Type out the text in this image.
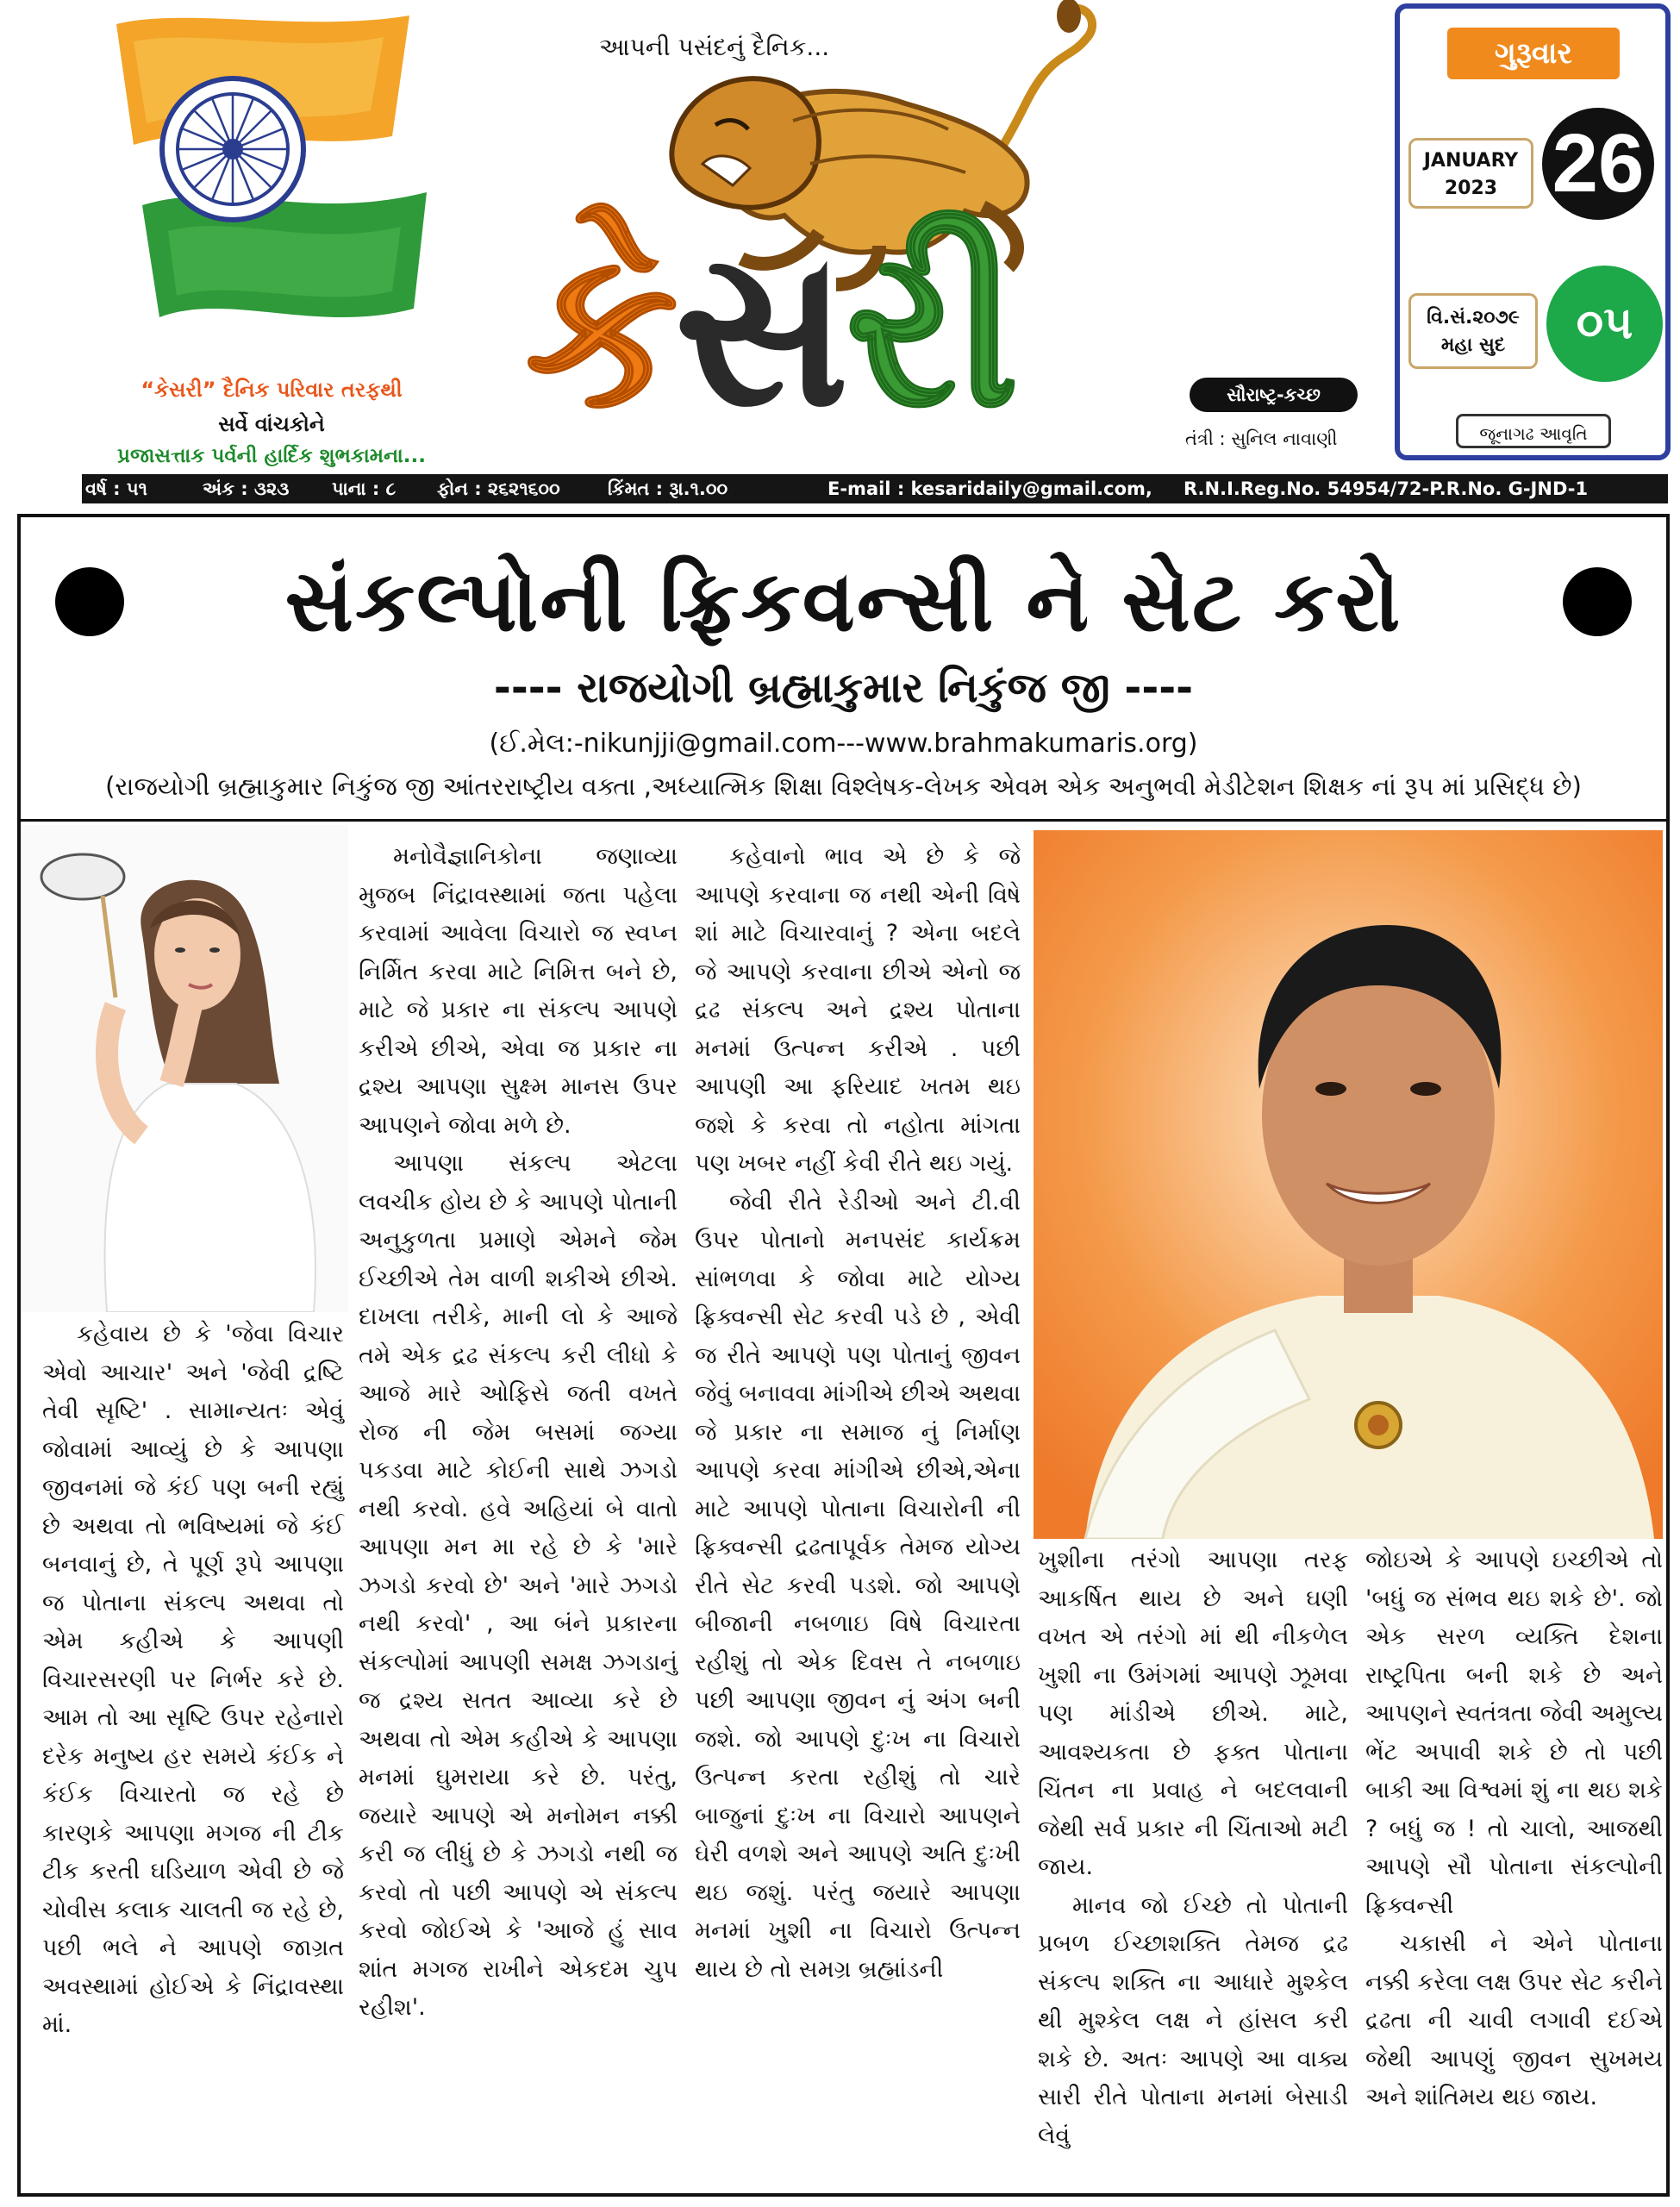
“કેસરી” દૈનિક પરિવાર તરફથી
સર્વે વાંચકોને
પ્રજાસત્તાક પર્વની હાર્દિક શુભકામના...
આપની પસંદનું દૈનિક...
કેસરી	સૌરાષ્ટ્ર-કચ્છ
તંત્રી : સુનિલ નાવાણી
ગુરૂવાર
JANUARY
2023 26
વિ.સં.૨૦૭૯
મહા સુદ	૦૫
જૂનાગઢ આવૃતિ
વર્ષ : ૫૧	અંક : ૩૨૩ પાના : ૮ ફોન : ૨૬૨૧૬૦૦	કિંમત : રૂા.૧.૦૦	E-mail : kesaridaily@gmail.com, R.N.I.Reg.No. 54954/72-P.R.No. G-JND-1
સંકલ્પોની ફ્રિકવન્સી ને સેટ કરો
---- રાજયોગી બ્રહ્માકુમાર નિકુંજ જી ----
(ઈ.મેલ:-nikunjji@gmail.com---www.brahmakumaris.org)
(રાજયોગી બ્રહ્માકુમાર નિકુંજ જી આંતરરાષ્ટ્રીય વક્તા ,અધ્યાત્મિક શિક્ષા વિશ્લેષક-લેખક એવમ એક અનુભવી મેડીટેશન શિક્ષક નાં રૂપ માં પ્રસિદ્ધ છે)

કહેવાય છે કે 'જેવા વિચાર એવો આચાર' અને 'જેવી દ્રષ્ટિ તેવી સૃષ્ટિ' . સામાન્યતઃ એવું જોવામાં આવ્યું છે કે આપણા જીવનમાં જે કંઈ પણ બની રહ્યું છે અથવા તો ભવિષ્યમાં જે કંઈ બનવાનું છે, તે પૂર્ણ રૂપે આપણા જ પોતાના સંકલ્પ અથવા તો એમ કહીએ કે આપણી વિચારસરણી પર નિર્ભર કરે છે. આમ તો આ સૃષ્ટિ ઉપર રહેનારો દરેક મનુષ્ય હર સમયે કંઈક ને કંઈક વિચારતો જ રહે છે કારણકે આપણા મગજ ની ટીક ટીક કરતી ઘડિયાળ એવી છે જે ચોવીસ કલાક ચાલતી જ રહે છે, પછી ભલે ને આપણે જાગ્રત અવસ્થામાં હોઈએ કે નિંદ્રાવસ્થા માં.

મનોવૈજ્ઞાનિકોના જણાવ્યા મુજબ નિંદ્રાવસ્થામાં જતા પહેલા કરવામાં આવેલા વિચારો જ સ્વપ્ન નિર્મિત કરવા માટે નિમિત્ત બને છે, માટે જે પ્રકાર ના સંકલ્પ આપણે કરીએ છીએ, એવા જ પ્રકાર ના દ્રશ્ય આપણા સુક્ષ્મ માનસ ઉપર આપણને જોવા મળે છે.

આપણા સંકલ્પ એટલા લવચીક હોય છે કે આપણે પોતાની અનુકુળતા પ્રમાણે એમને જેમ ઈચ્છીએ તેમ વાળી શકીએ છીએ. દાખલા તરીકે, માની લો કે આજે તમે એક દ્રઢ સંકલ્પ કરી લીધો કે આજે મારે ઓફિસે જતી વખતે રોજ ની જેમ બસમાં જગ્યા પકડવા માટે કોઈની સાથે ઝગડો નથી કરવો. હવે અહિયાં બે વાતો આપણા મન મા રહે છે કે 'મારે ઝગડો કરવો છે' અને 'મારે ઝગડો નથી કરવો' , આ બંને પ્રકારના સંકલ્પોમાં આપણી સમક્ષ ઝગડાનું જ દ્રશ્ય સતત આવ્યા કરે છે અથવા તો એમ કહીએ કે આપણા મનમાં ઘુમરાયા કરે છે. પરંતુ, જયારે આપણે એ મનોમન નક્કી કરી જ લીધું છે કે ઝગડો નથી જ કરવો તો પછી આપણે એ સંકલ્પ કરવો જોઈએ કે 'આજે હું સાવ શાંત મગજ રાખીને એકદમ ચુપ રહીશ'.

કહેવાનો ભાવ એ છે કે જે આપણે કરવાના જ નથી એની વિષે શાં માટે વિચારવાનું ? એના બદલે જે આપણે કરવાના છીએ એનો જ દ્રઢ સંકલ્પ અને દ્રશ્ય પોતાના મનમાં ઉત્પન્ન કરીએ . પછી આપણી આ ફરિયાદ ખતમ થઇ જશે કે કરવા તો નહોતા માંગતા પણ ખબર નહીં કેવી રીતે થઇ ગયું.

જેવી રીતે રેડીઓ અને ટી.વી ઉપર પોતાનો મનપસંદ કાર્યક્રમ સાંભળવા કે જોવા માટે યોગ્ય ફ્રિક્વન્સી સેટ કરવી પડે છે , એવી જ રીતે આપણે પણ પોતાનું જીવન જેવું બનાવવા માંગીએ છીએ અથવા જે પ્રકાર ના સમાજ નું નિર્માણ આપણે કરવા માંગીએ છીએ,એના માટે આપણે પોતાના વિચારોની ની ફ્રિક્વન્સી દ્રઢતાપૂર્વક તેમજ યોગ્ય રીતે સેટ કરવી પડશે. જો આપણે બીજાની નબળાઇ વિષે વિચારતા રહીશું તો એક દિવસ તે નબળાઇ પછી આપણા જીવન નું અંગ બની જશે. જો આપણે દુઃખ ના વિચારો ઉત્પન્ન કરતા રહીશું તો ચારે બાજુનાં દુઃખ ના વિચારો આપણને ઘેરી વળશે અને આપણે અતિ દુઃખી થઇ જશું. પરંતુ જયારે આપણા મનમાં ખુશી ના વિચારો ઉત્પન્ન થાય છે તો સમગ્ર બ્રહ્માંડની

ખુશીના તરંગો આપણા તરફ આકર્ષિત થાય છે અને ઘણી વખત એ તરંગો માં થી નીકળેલ ખુશી ના ઉમંગમાં આપણે ઝૂમવા પણ માંડીએ છીએ. માટે, આવશ્યકતા છે ફક્ત પોતાના ચિંતન ના પ્રવાહ ને બદલવાની જેથી સર્વ પ્રકાર ની ચિંતાઓ મટી જાય.

માનવ જો ઈચ્છે તો પોતાની પ્રબળ ઈચ્છાશક્તિ તેમજ દ્રઢ સંકલ્પ શક્તિ ના આધારે મુશ્કેલ થી મુશ્કેલ લક્ષ ને હાંસલ કરી શકે છે. અતઃ આપણે આ વાક્ય સારી રીતે પોતાના મનમાં બેસાડી લેવું

જોઇએ કે આપણે ઇચ્છીએ તો 'બધું જ સંભવ થઇ શકે છે'. જો એક સરળ વ્યક્તિ દેશના રાષ્ટ્રપિતા બની શકે છે અને આપણને સ્વતંત્રતા જેવી અમુલ્ય ભેંટ અપાવી શકે છે તો પછી બાકી આ વિશ્વમાં શું ના થઇ શકે ? બધું જ ! તો ચાલો, આજથી આપણે સૌ પોતાના સંકલ્પોની ફ્રિક્વન્સી

ચકાસી ને એને પોતાના નક્કી કરેલા લક્ષ ઉપર સેટ કરીને દ્રઢતા ની ચાવી લગાવી દઈએ જેથી આપણું જીવન સુખમય અને શાંતિમય થઇ જાય.
